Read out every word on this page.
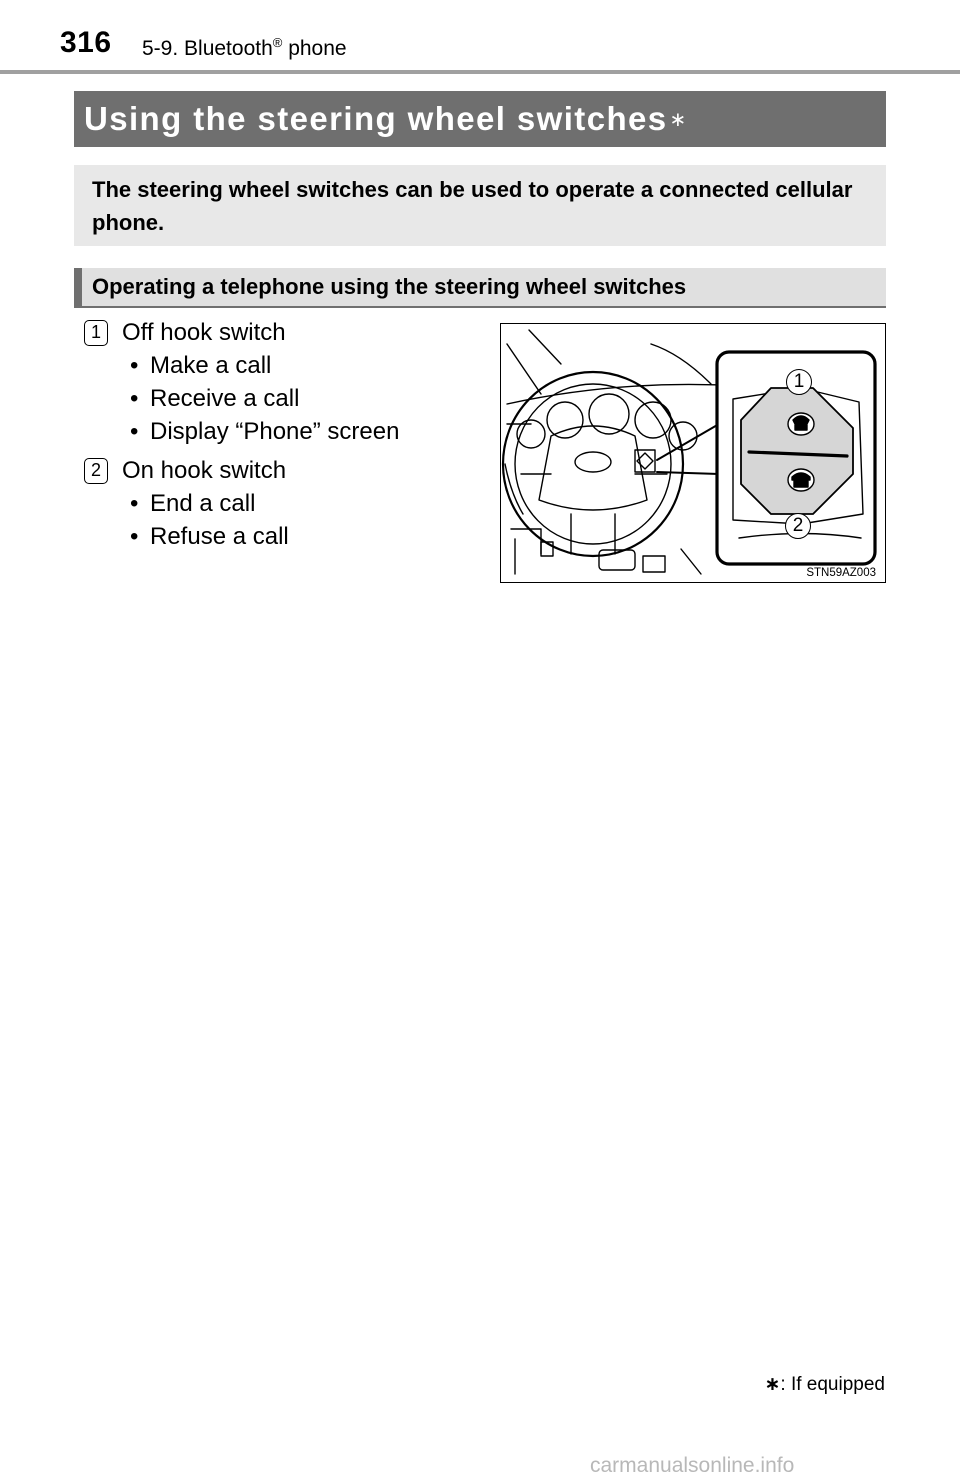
316 5-9. Bluetooth® phone
Using the steering wheel switches ∗
The steering wheel switches can be used to operate a connected cellular phone.
Operating a telephone using the steering wheel switches
1 Off hook switch
• Make a call
• Receive a call
• Display “Phone” screen
2 On hook switch
• End a call
• Refuse a call
1
2
STN59AZ003
∗: If equipped
carmanualsonline.info
